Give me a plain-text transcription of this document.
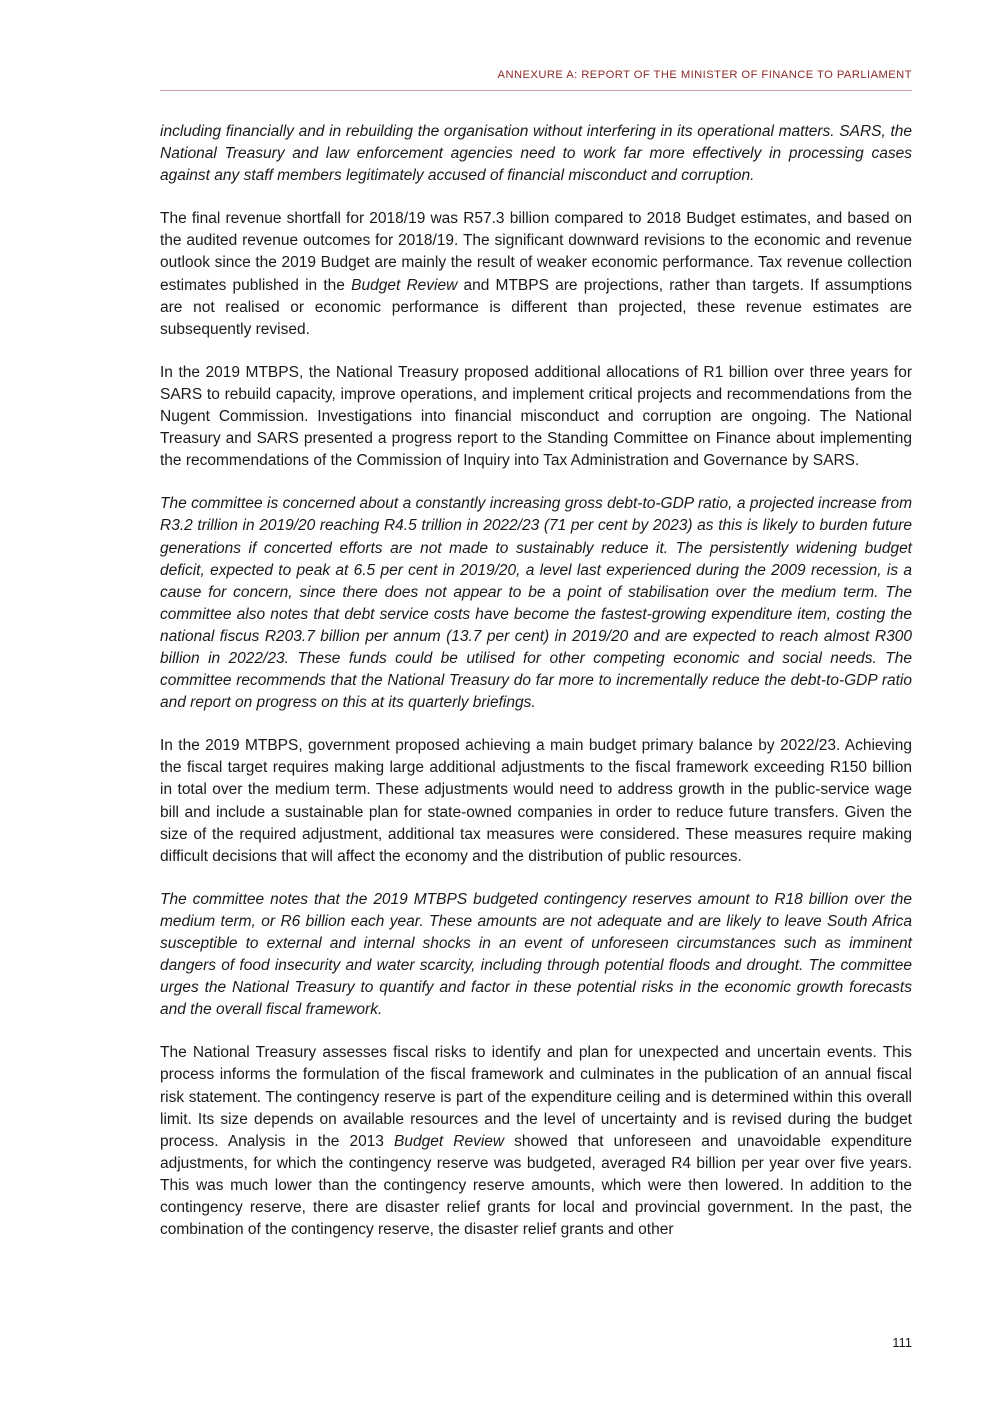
ANNEXURE A: REPORT OF THE MINISTER OF FINANCE TO PARLIAMENT

including financially and in rebuilding the organisation without interfering in its operational matters. SARS, the National Treasury and law enforcement agencies need to work far more effectively in processing cases against any staff members legitimately accused of financial misconduct and corruption.

The final revenue shortfall for 2018/19 was R57.3 billion compared to 2018 Budget estimates, and based on the audited revenue outcomes for 2018/19. The significant downward revisions to the economic and revenue outlook since the 2019 Budget are mainly the result of weaker economic performance. Tax revenue collection estimates published in the Budget Review and MTBPS are projections, rather than targets. If assumptions are not realised or economic performance is different than projected, these revenue estimates are subsequently revised.

In the 2019 MTBPS, the National Treasury proposed additional allocations of R1 billion over three years for SARS to rebuild capacity, improve operations, and implement critical projects and recommendations from the Nugent Commission. Investigations into financial misconduct and corruption are ongoing. The National Treasury and SARS presented a progress report to the Standing Committee on Finance about implementing the recommendations of the Commission of Inquiry into Tax Administration and Governance by SARS.

The committee is concerned about a constantly increasing gross debt-to-GDP ratio, a projected increase from R3.2 trillion in 2019/20 reaching R4.5 trillion in 2022/23 (71 per cent by 2023) as this is likely to burden future generations if concerted efforts are not made to sustainably reduce it. The persistently widening budget deficit, expected to peak at 6.5 per cent in 2019/20, a level last experienced during the 2009 recession, is a cause for concern, since there does not appear to be a point of stabilisation over the medium term. The committee also notes that debt service costs have become the fastest-growing expenditure item, costing the national fiscus R203.7 billion per annum (13.7 per cent) in 2019/20 and are expected to reach almost R300 billion in 2022/23. These funds could be utilised for other competing economic and social needs. The committee recommends that the National Treasury do far more to incrementally reduce the debt-to-GDP ratio and report on progress on this at its quarterly briefings.

In the 2019 MTBPS, government proposed achieving a main budget primary balance by 2022/23. Achieving the fiscal target requires making large additional adjustments to the fiscal framework exceeding R150 billion in total over the medium term. These adjustments would need to address growth in the public-service wage bill and include a sustainable plan for state-owned companies in order to reduce future transfers. Given the size of the required adjustment, additional tax measures were considered. These measures require making difficult decisions that will affect the economy and the distribution of public resources.

The committee notes that the 2019 MTBPS budgeted contingency reserves amount to R18 billion over the medium term, or R6 billion each year. These amounts are not adequate and are likely to leave South Africa susceptible to external and internal shocks in an event of unforeseen circumstances such as imminent dangers of food insecurity and water scarcity, including through potential floods and drought. The committee urges the National Treasury to quantify and factor in these potential risks in the economic growth forecasts and the overall fiscal framework.

The National Treasury assesses fiscal risks to identify and plan for unexpected and uncertain events. This process informs the formulation of the fiscal framework and culminates in the publication of an annual fiscal risk statement. The contingency reserve is part of the expenditure ceiling and is determined within this overall limit. Its size depends on available resources and the level of uncertainty and is revised during the budget process. Analysis in the 2013 Budget Review showed that unforeseen and unavoidable expenditure adjustments, for which the contingency reserve was budgeted, averaged R4 billion per year over five years. This was much lower than the contingency reserve amounts, which were then lowered. In addition to the contingency reserve, there are disaster relief grants for local and provincial government. In the past, the combination of the contingency reserve, the disaster relief grants and other

111
